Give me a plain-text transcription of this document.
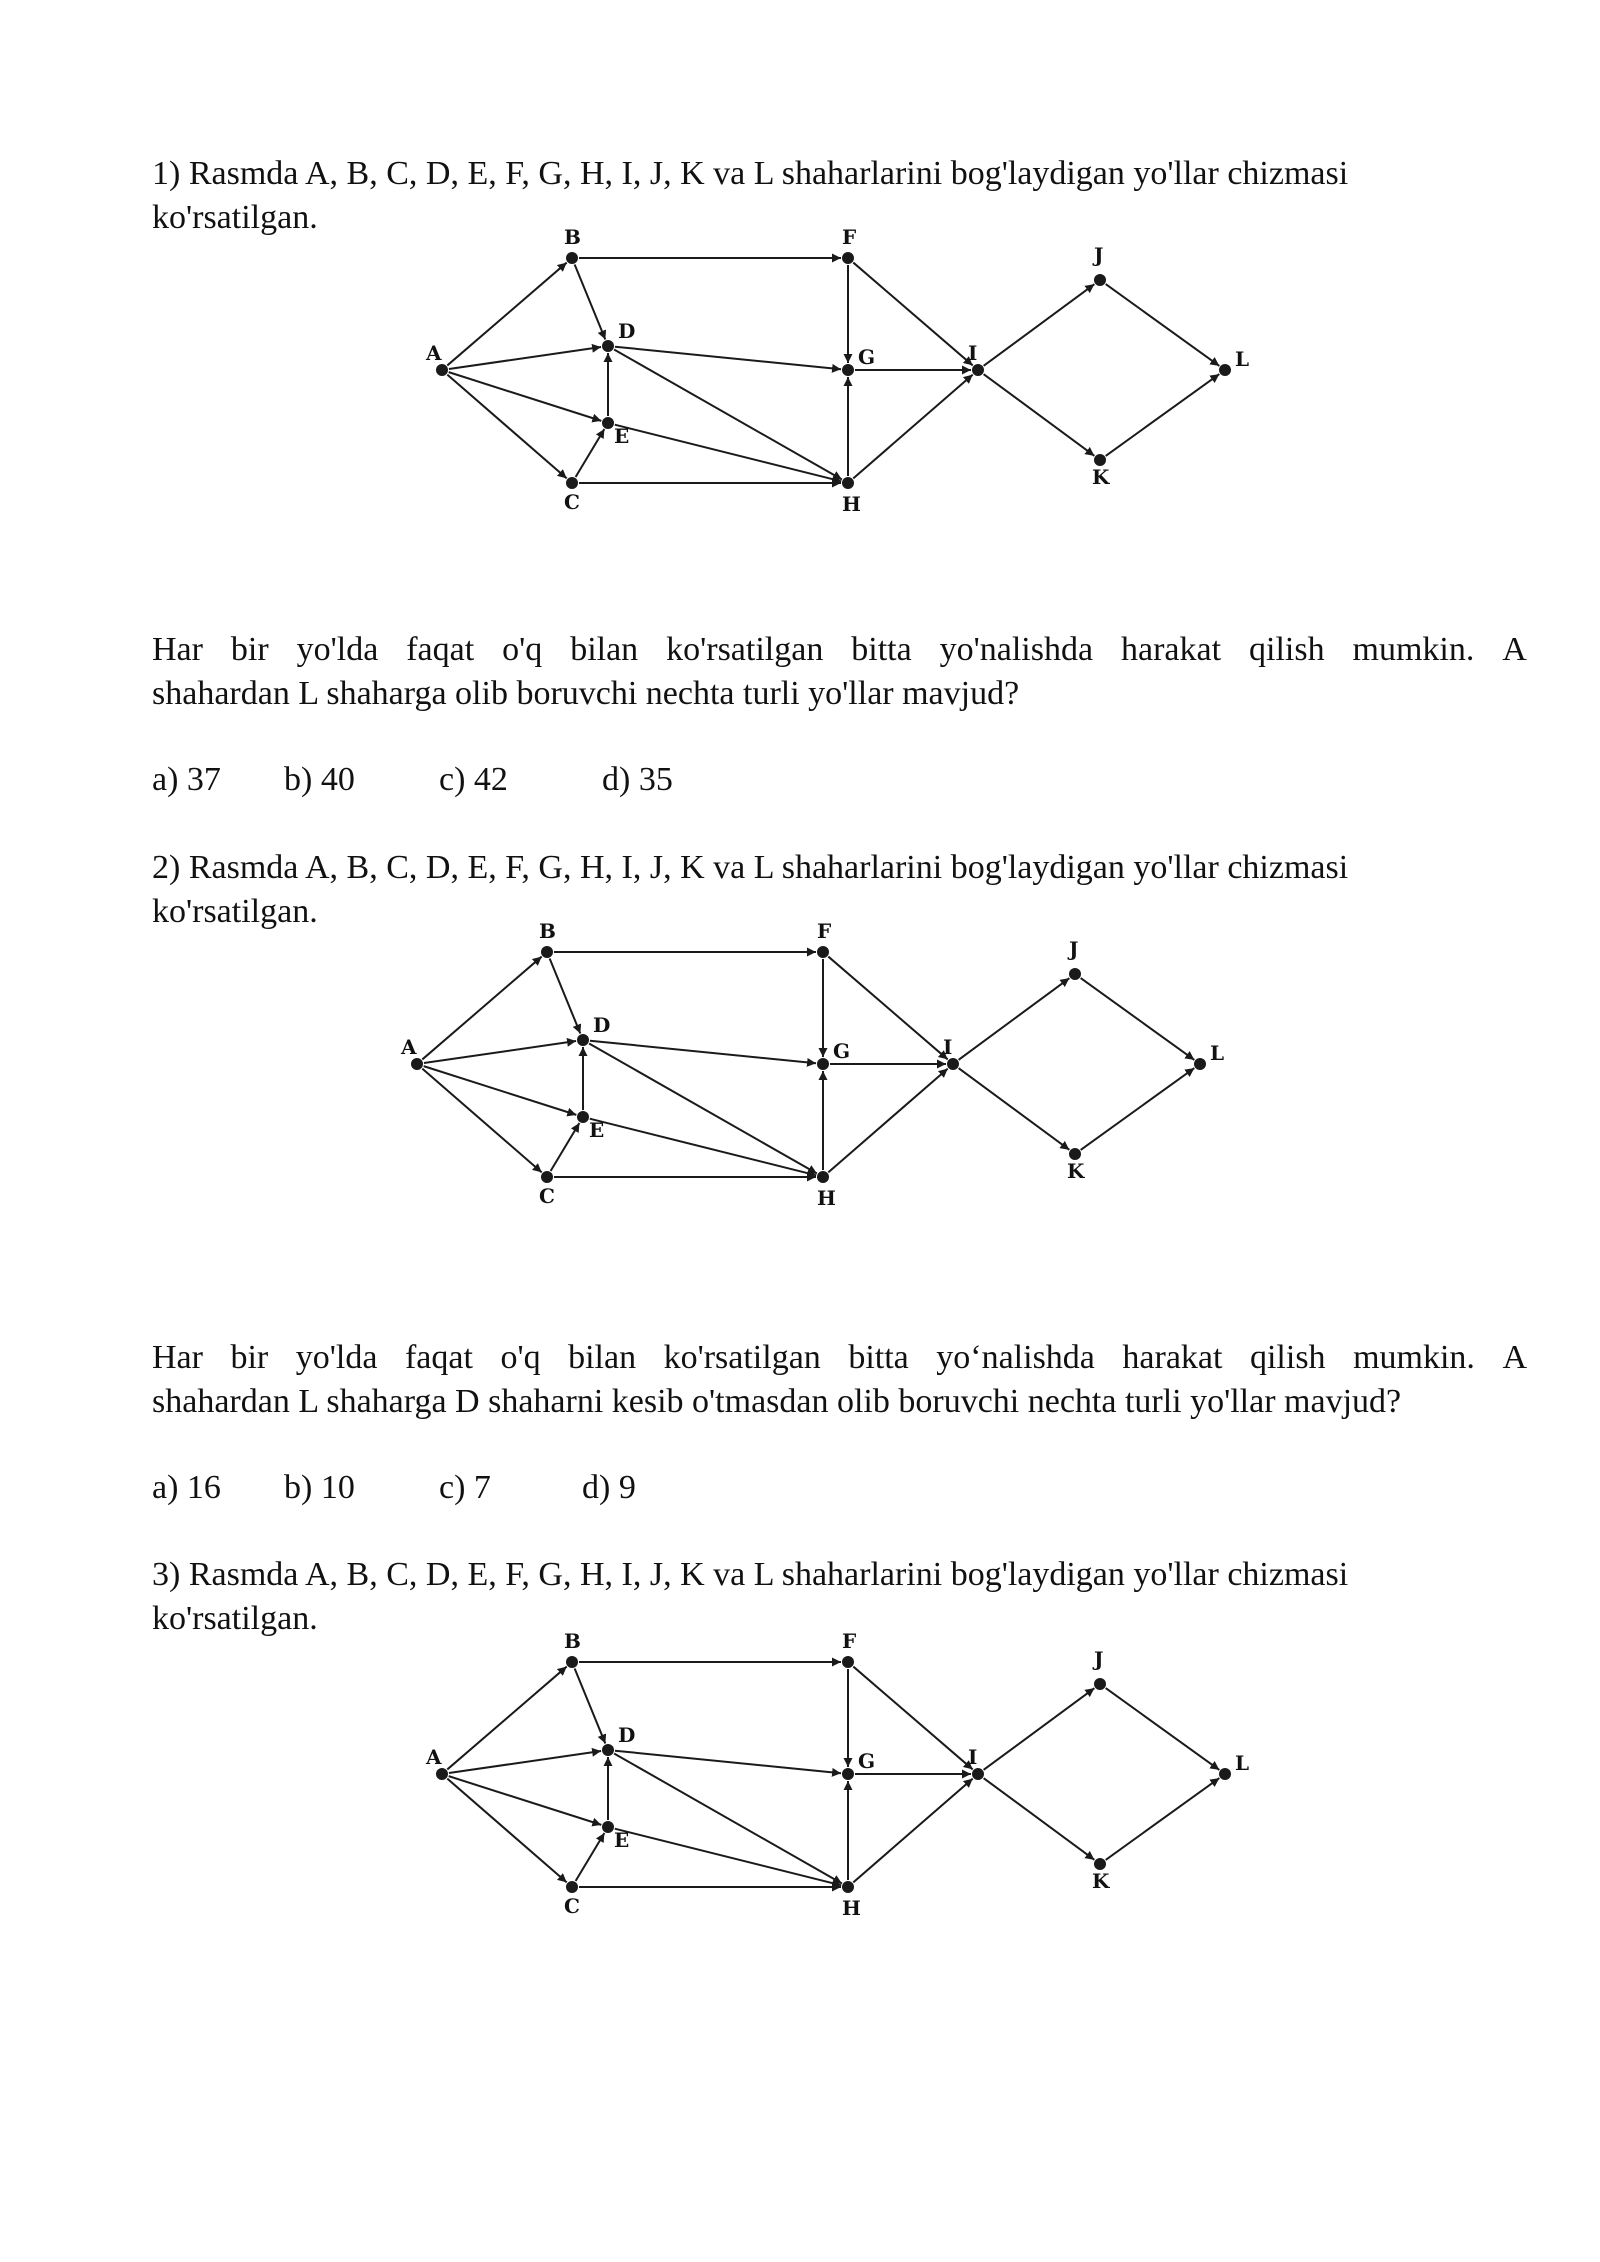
1) Rasmda A, B, C, D, E, F, G, H, I, J, K va L shaharlarini bog'laydigan yo'llar chizmasi
ko'rsatilgan.
A
B
C
D
E
F
G
H
I
J
K
L
Har bir yo'lda faqat o'q bilan ko'rsatilgan bitta yo'nalishda harakat qilish mumkin. A
shahardan L shaharga olib boruvchi nechta turli yo'llar mavjud?
a) 37 b) 40 c) 42	d) 35
2) Rasmda A, B, C, D, E, F, G, H, I, J, K va L shaharlarini bog'laydigan yo'llar chizmasi
ko'rsatilgan.
A
B
C
D
E
F
G
H
I
J
K
L
Har bir yo'lda faqat o'q bilan ko'rsatilgan bitta yo‘nalishda harakat qilish mumkin. A
shahardan L shaharga D shaharni kesib o'tmasdan olib boruvchi nechta turli yo'llar mavjud?
a) 16 b) 10 c) 7	d) 9
3) Rasmda A, B, C, D, E, F, G, H, I, J, K va L shaharlarini bog'laydigan yo'llar chizmasi
ko'rsatilgan.
A
B
C
D
E
F
G
H
I
J
K
L
